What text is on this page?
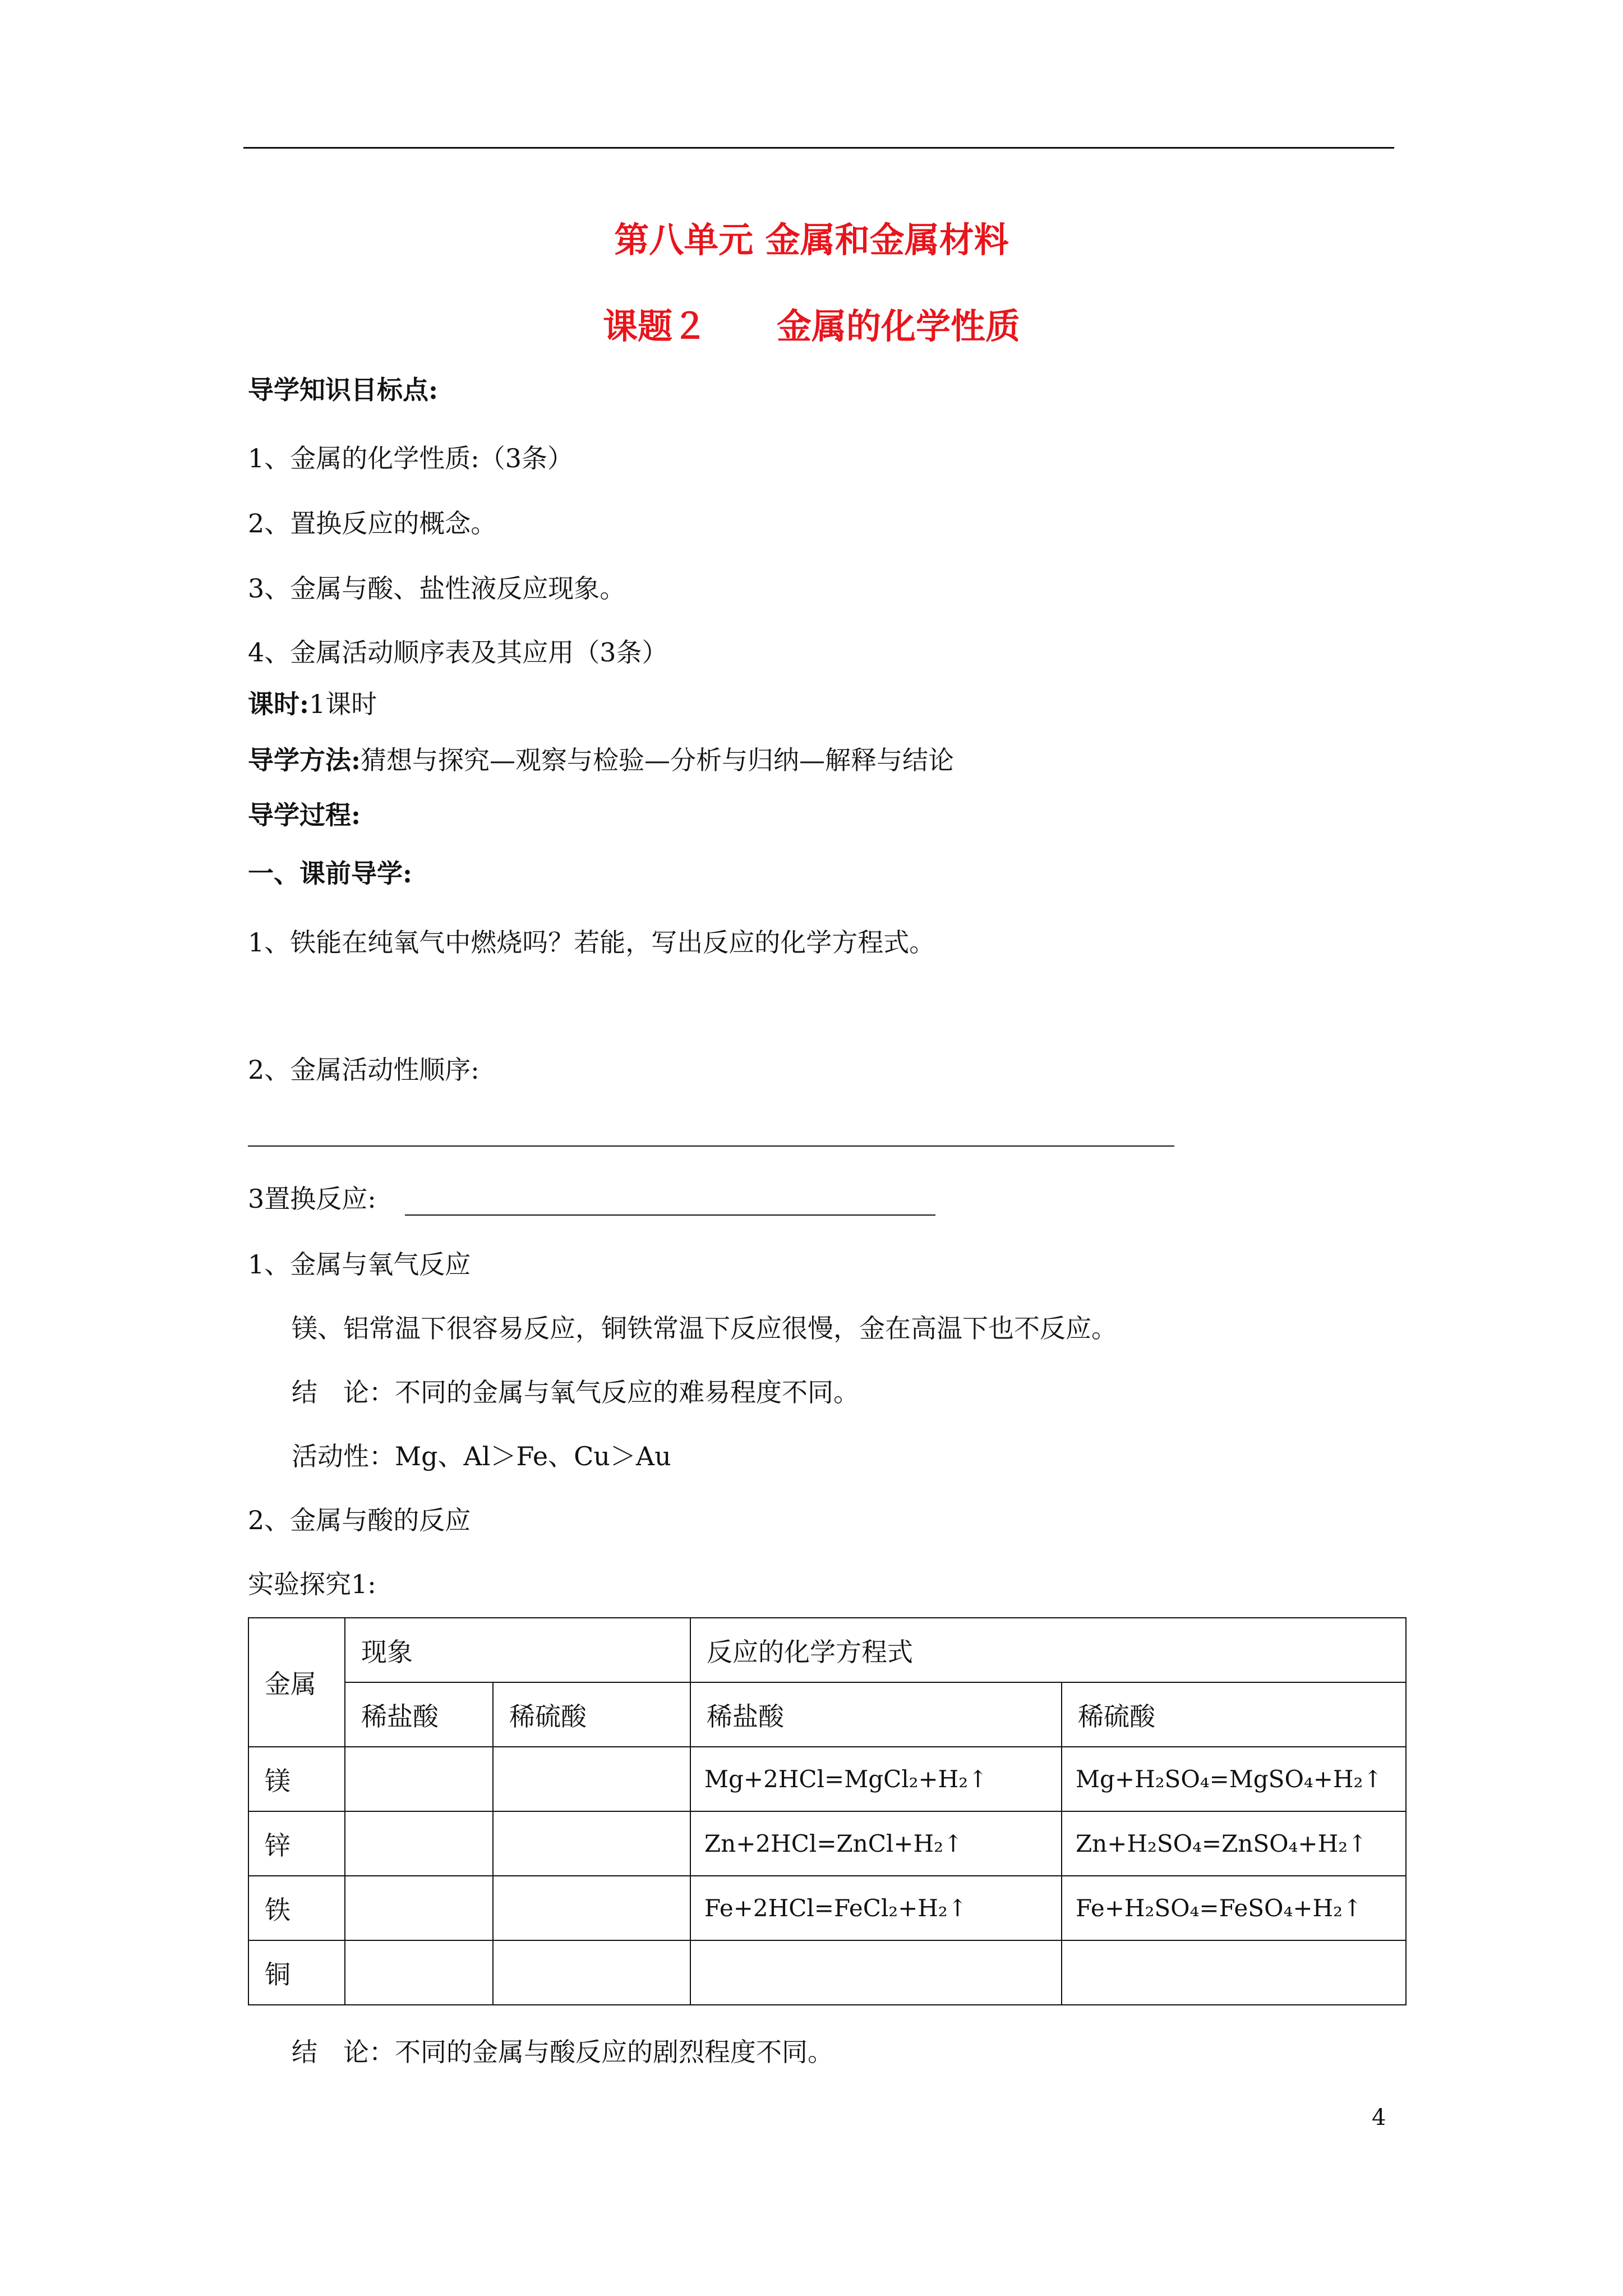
第八单元 金属和金属材料
课题２　　金属的化学性质
导学知识目标点:
1、金属的化学性质:（3条）
2、置换反应的概念。
3、金属与酸、盐性液反应现象。
4、金属活动顺序表及其应用（3条）
课时:1课时
导学方法:猜想与探究—观察与检验—分析与归纳—解释与结论
导学过程:
一、课前导学:
1、铁能在纯氧气中燃烧吗？若能，写出反应的化学方程式。
2、金属活动性顺序:
3置换反应:
1、金属与氧气反应
镁、铝常温下很容易反应，铜铁常温下反应很慢，金在高温下也不反应。
结　论：不同的金属与氧气反应的难易程度不同。
活动性：Mg、Al＞Fe、Cu＞Au
2、金属与酸的反应
实验探究1:
金属	现象		反应的化学方程式	
	稀盐酸	稀硫酸	稀盐酸	稀硫酸
镁			Mg+2HCl=MgCl₂+H₂↑	Mg+H₂SO₄=MgSO₄+H₂↑
锌			Zn+2HCl=ZnCl+H₂↑	Zn+H₂SO₄=ZnSO₄+H₂↑
铁			Fe+2HCl=FeCl₂+H₂↑	Fe+H₂SO₄=FeSO₄+H₂↑
铜				
结　论：不同的金属与酸反应的剧烈程度不同。
4
